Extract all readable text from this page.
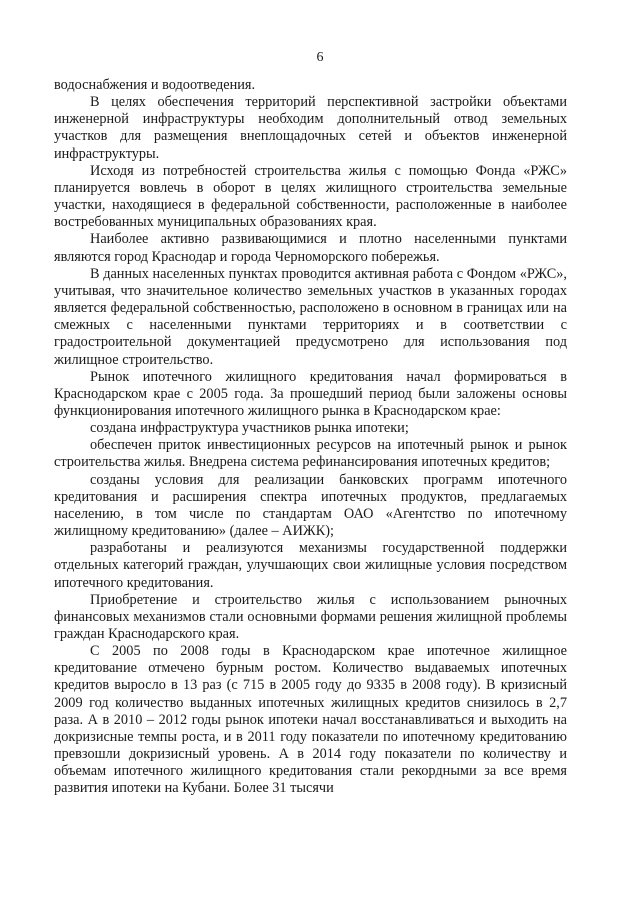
6

водоснабжения и водоотведения.

В целях обеспечения территорий перспективной застройки объектами инженерной инфраструктуры необходим дополнительный отвод земельных участков для размещения внеплощадочных сетей и объектов инженерной инфраструктуры.

Исходя из потребностей строительства жилья с помощью Фонда «РЖС» планируется вовлечь в оборот в целях жилищного строительства земельные участки, находящиеся в федеральной собственности, расположенные в наиболее востребованных муниципальных образованиях края.

Наиболее активно развивающимися и плотно населенными пунктами являются город Краснодар и города Черноморского побережья.

В данных населенных пунктах проводится активная работа с Фондом «РЖС», учитывая, что значительное количество земельных участков в указанных городах является федеральной собственностью, расположено в основном в границах или на смежных с населенными пунктами территориях и в соответствии с градостроительной документацией предусмотрено для использования под жилищное строительство.

Рынок ипотечного жилищного кредитования начал формироваться в Краснодарском крае с 2005 года. За прошедший период были заложены основы функционирования ипотечного жилищного рынка в Краснодарском крае:

создана инфраструктура участников рынка ипотеки;

обеспечен приток инвестиционных ресурсов на ипотечный рынок и рынок строительства жилья. Внедрена система рефинансирования ипотечных кредитов;

созданы условия для реализации банковских программ ипотечного кредитования и расширения спектра ипотечных продуктов, предлагаемых населению, в том числе по стандартам ОАО «Агентство по ипотечному жилищному кредитованию» (далее – АИЖК);

разработаны и реализуются механизмы государственной поддержки отдельных категорий граждан, улучшающих свои жилищные условия посредством ипотечного кредитования.

Приобретение и строительство жилья с использованием рыночных финансовых механизмов стали основными формами решения жилищной проблемы граждан Краснодарского края.

С 2005 по 2008 годы в Краснодарском крае ипотечное жилищное кредитование отмечено бурным ростом. Количество выдаваемых ипотечных кредитов выросло в 13 раз (с 715 в 2005 году до 9335 в 2008 году). В кризисный 2009 год количество выданных ипотечных жилищных кредитов снизилось в 2,7 раза. А в 2010 – 2012 годы рынок ипотеки начал восстанавливаться и выходить на докризисные темпы роста, и в 2011 году показатели по ипотечному кредитованию превзошли докризисный уровень. А в 2014 году показатели по количеству и объемам ипотечного жилищного кредитования стали рекордными за все время развития ипотеки на Кубани. Более 31 тысячи
